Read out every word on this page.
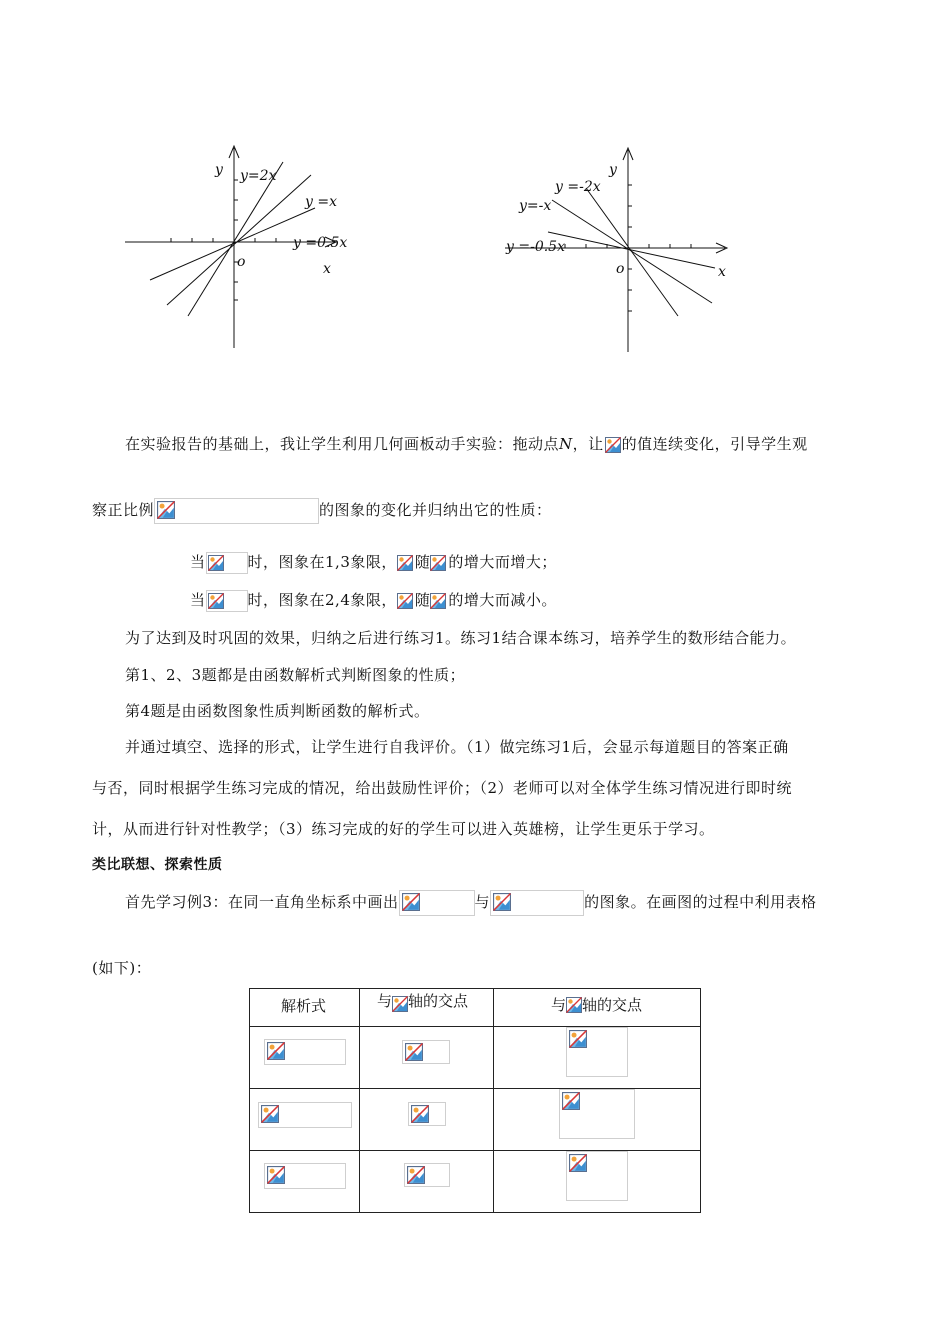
y
x
o
y=2x
y =x
y =0.5x
y
x
o
y =-2x
y=-x
y =-0.5x
在实验报告的基础上，我让学生利用几何画板动手实验：拖动点N，让 的值连续变化，引导学生观
察正比例	的图象的变化并归纳出它的性质：
当	时，图象在1,3象限， 随 的增大而增大；
当	时，图象在2,4象限， 随 的增大而减小。
为了达到及时巩固的效果，归纳之后进行练习1。练习1结合课本练习，培养学生的数形结合能力。
第1、2、3题都是由函数解析式判断图象的性质；
第4题是由函数图象性质判断函数的解析式。
并通过填空、选择的形式，让学生进行自我评价。（1）做完练习1后，会显示每道题目的答案正确
与否，同时根据学生练习完成的情况，给出鼓励性评价；（2）老师可以对全体学生练习情况进行即时统
计，从而进行针对性教学；（3）练习完成的好的学生可以进入英雄榜，让学生更乐于学习。
类比联想、探索性质
首先学习例3：在同一直角坐标系中画出	与	的图象。在画图的过程中利用表格
(如下)：
解析式	与 轴的交点	与 轴的交点
